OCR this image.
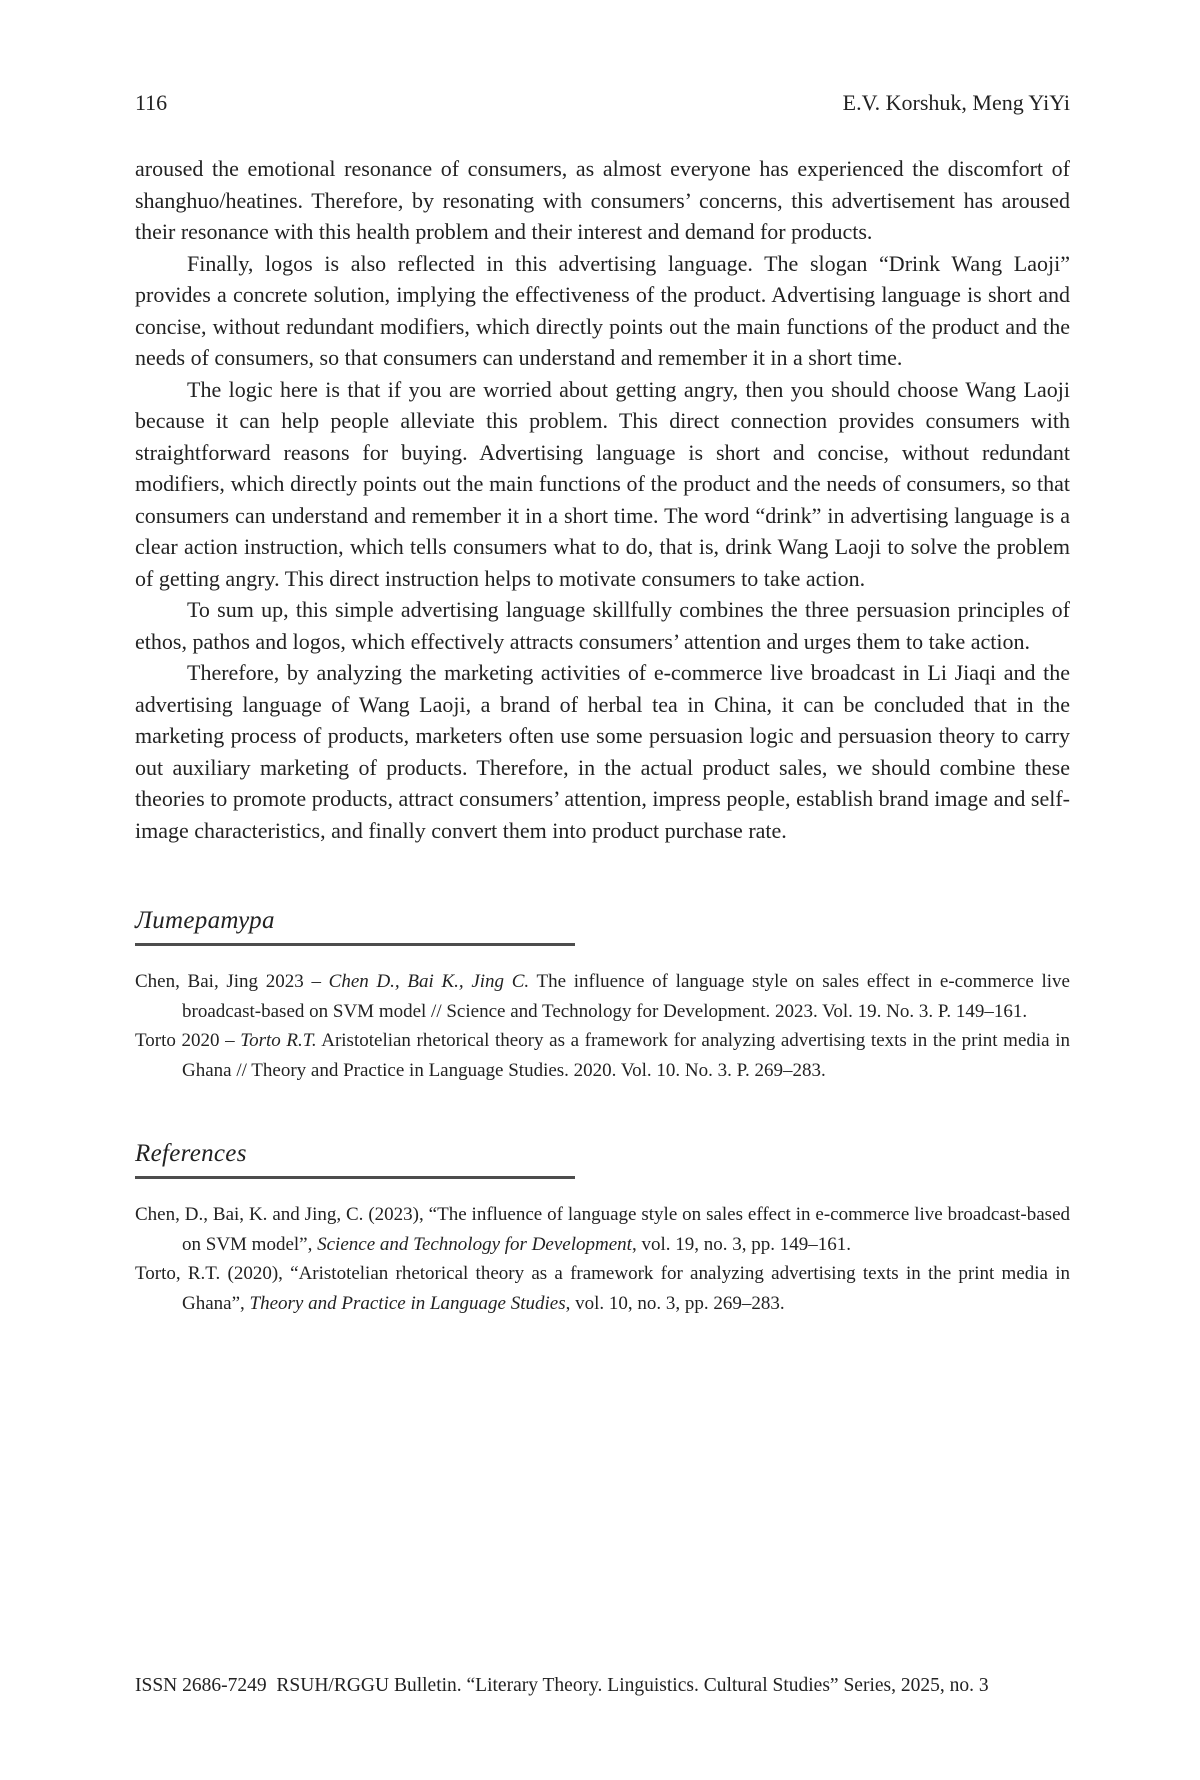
116	E.V. Korshuk, Meng YiYi

aroused the emotional resonance of consumers, as almost everyone has experienced the discomfort of shanghuo/heatines. Therefore, by resonating with consumers’ concerns, this advertisement has aroused their resonance with this health problem and their interest and demand for products.

Finally, logos is also reflected in this advertising language. The slogan “Drink Wang Laoji” provides a concrete solution, implying the effectiveness of the product. Advertising language is short and concise, without redundant modifiers, which directly points out the main functions of the product and the needs of consumers, so that consumers can understand and remember it in a short time.

The logic here is that if you are worried about getting angry, then you should choose Wang Laoji because it can help people alleviate this problem. This direct connection provides consumers with straightforward reasons for buying. Advertising language is short and concise, without redundant modifiers, which directly points out the main functions of the product and the needs of consumers, so that consumers can understand and remember it in a short time. The word “drink” in advertising language is a clear action instruction, which tells consumers what to do, that is, drink Wang Laoji to solve the problem of getting angry. This direct instruction helps to motivate consumers to take action.

To sum up, this simple advertising language skillfully combines the three persuasion principles of ethos, pathos and logos, which effectively attracts consumers’ attention and urges them to take action.

Therefore, by analyzing the marketing activities of e-commerce live broadcast in Li Jiaqi and the advertising language of Wang Laoji, a brand of herbal tea in China, it can be concluded that in the marketing process of products, marketers often use some persuasion logic and persuasion theory to carry out auxiliary marketing of products. Therefore, in the actual product sales, we should combine these theories to promote products, attract consumers’ attention, impress people, establish brand image and self-image characteristics, and finally convert them into product purchase rate.

Литература

Chen, Bai, Jing 2023 – Chen D., Bai K., Jing C. The influence of language style on sales effect in e-commerce live broadcast-based on SVM model // Science and Technology for Development. 2023. Vol. 19. No. 3. P. 149–161.

Torto 2020 – Torto R.T. Aristotelian rhetorical theory as a framework for analyzing advertising texts in the print media in Ghana // Theory and Practice in Language Studies. 2020. Vol. 10. No. 3. P. 269–283.

References

Chen, D., Bai, K. and Jing, C. (2023), “The influence of language style on sales effect in e-commerce live broadcast-based on SVM model”, Science and Technology for Development, vol. 19, no. 3, pp. 149–161.

Torto, R.T. (2020), “Aristotelian rhetorical theory as a framework for analyzing advertising texts in the print media in Ghana”, Theory and Practice in Language Studies, vol. 10, no. 3, pp. 269–283.

ISSN 2686-7249  RSUH/RGGU Bulletin. “Literary Theory. Linguistics. Cultural Studies” Series, 2025, no. 3
